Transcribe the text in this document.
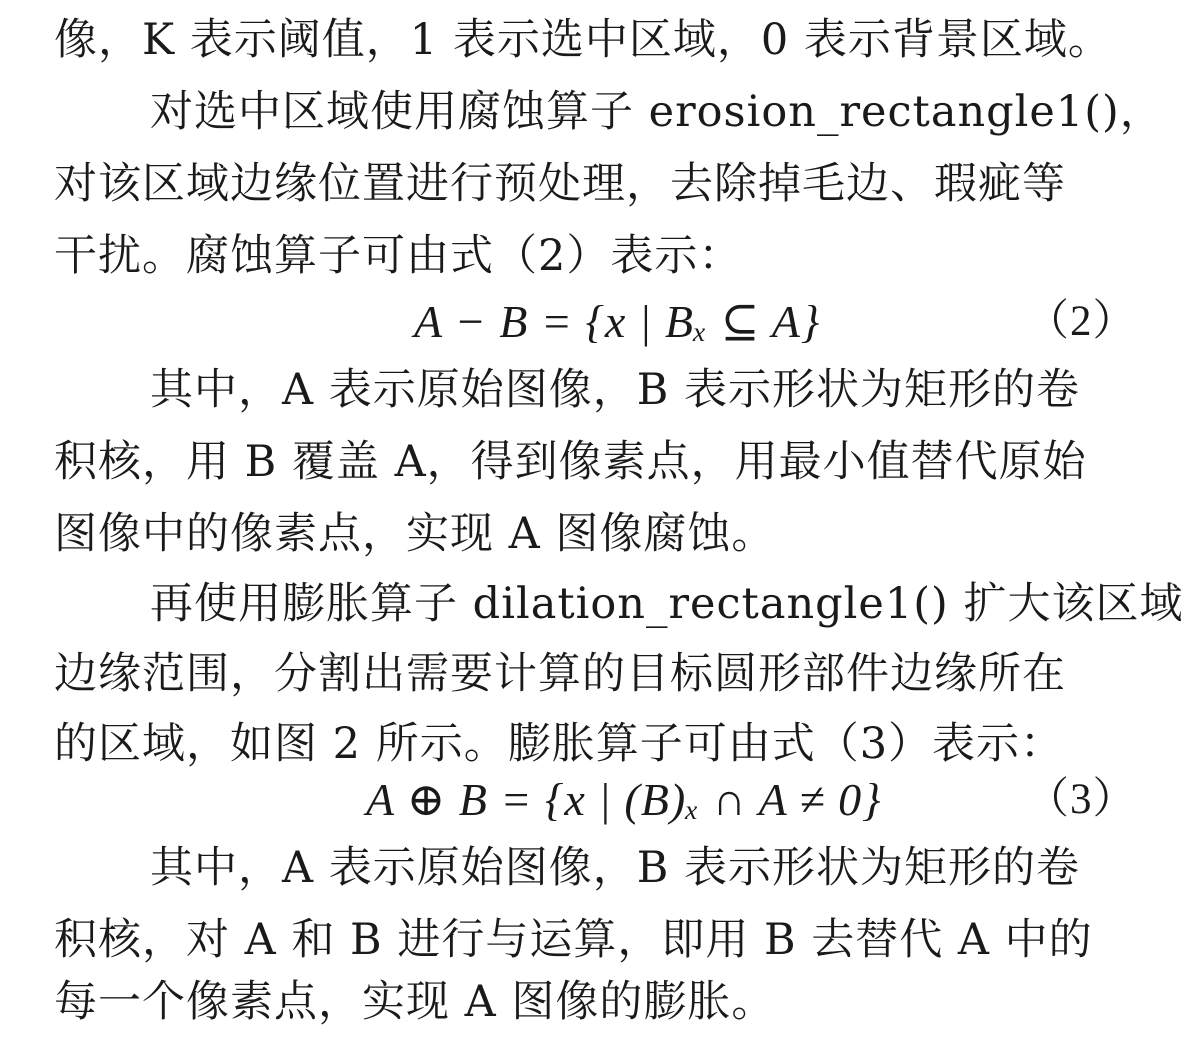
像，K 表示阈值，1 表示选中区域，0 表示背景区域。
对选中区域使用腐蚀算子 erosion_rectangle1()，
对该区域边缘位置进行预处理，去除掉毛边、瑕疵等
干扰。腐蚀算子可由式（2）表示：
A − B = {x | Bₓ ⊆ A}	（2）
其中，A 表示原始图像，B 表示形状为矩形的卷
积核，用 B 覆盖 A，得到像素点，用最小值替代原始
图像中的像素点，实现 A 图像腐蚀。
再使用膨胀算子 dilation_rectangle1() 扩大该区域
边缘范围，分割出需要计算的目标圆形部件边缘所在
的区域，如图 2 所示。膨胀算子可由式（3）表示：
A ⊕ B = {x | (B)ₓ ∩ A ≠ 0}	（3）
其中，A 表示原始图像，B 表示形状为矩形的卷
积核，对 A 和 B 进行与运算，即用 B 去替代 A 中的
每一个像素点，实现 A 图像的膨胀。
